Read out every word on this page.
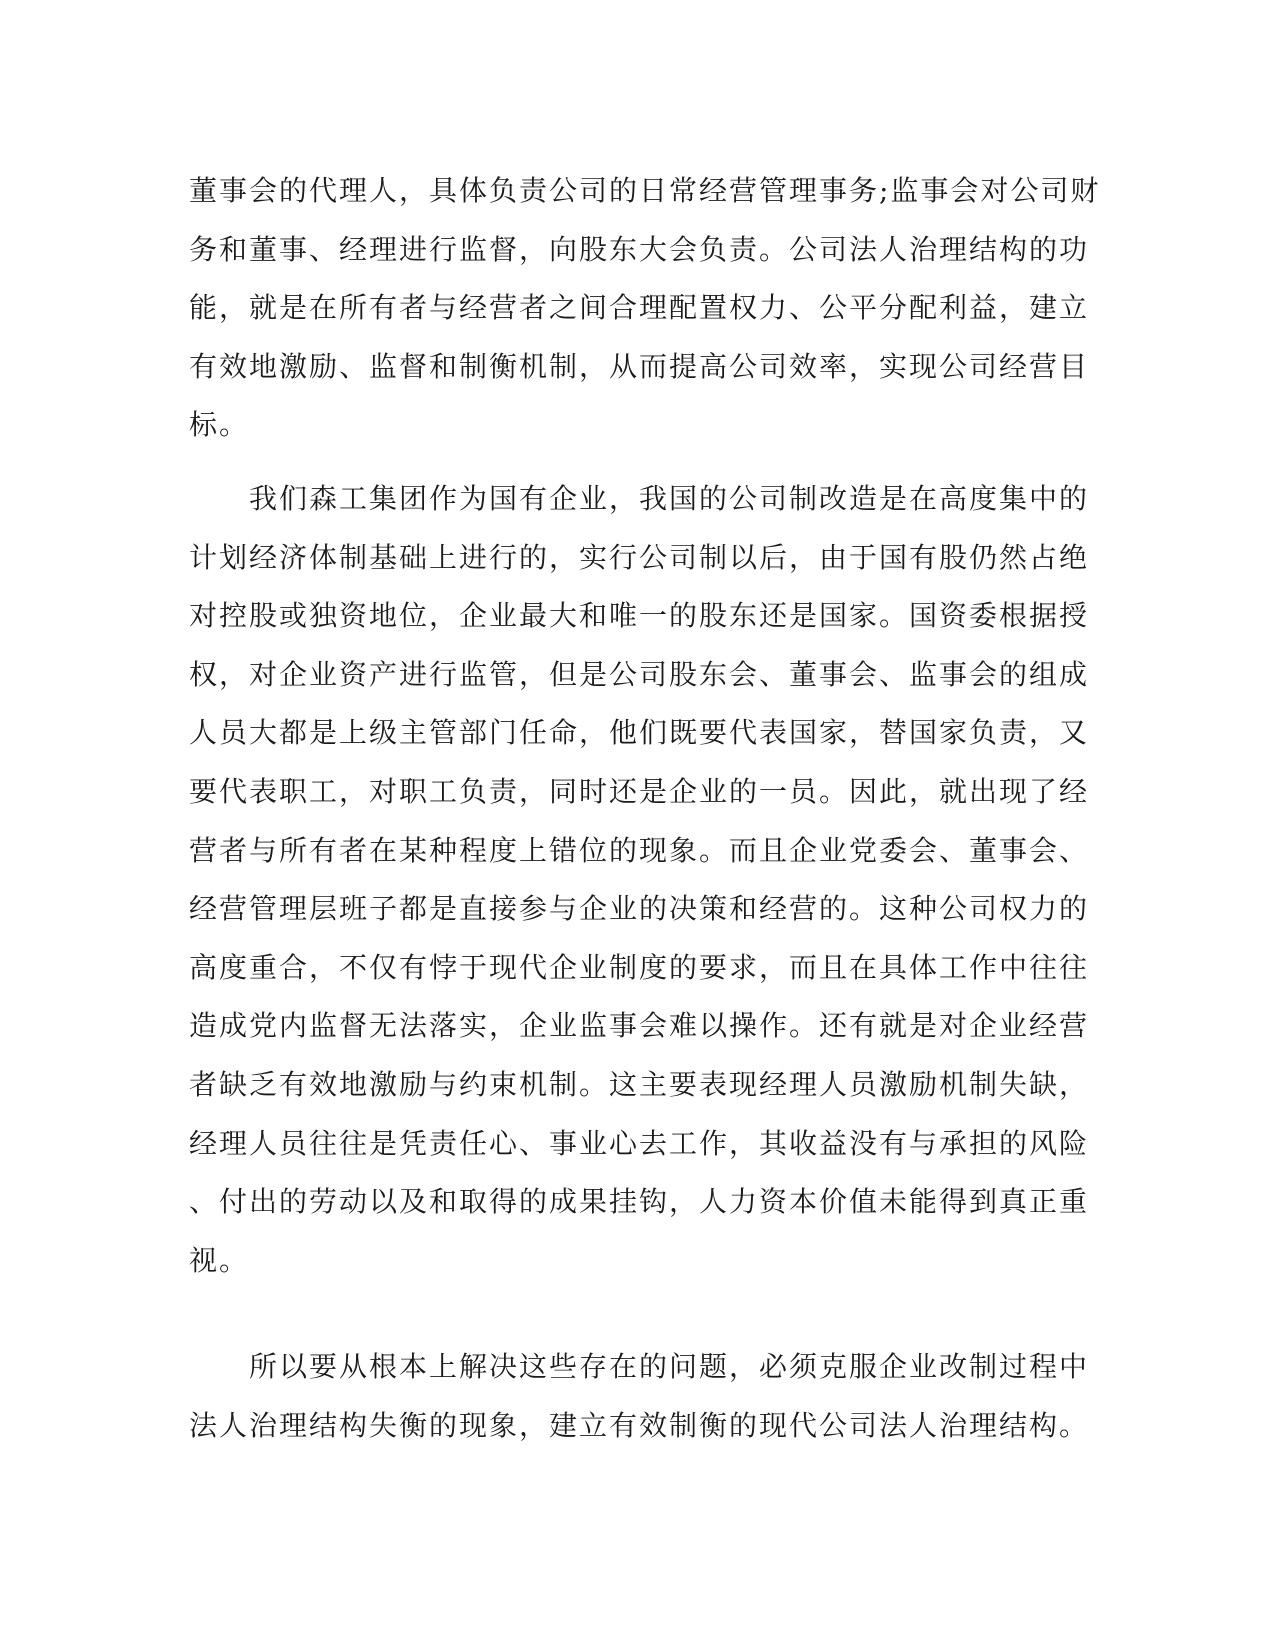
董事会的代理人，具体负责公司的日常经营管理事务;监事会对公司财
务和董事、经理进行监督，向股东大会负责。公司法人治理结构的功
能，就是在所有者与经营者之间合理配置权力、公平分配利益，建立
有效地激励、监督和制衡机制，从而提高公司效率，实现公司经营目
标。
　　我们森工集团作为国有企业，我国的公司制改造是在高度集中的
计划经济体制基础上进行的，实行公司制以后，由于国有股仍然占绝
对控股或独资地位，企业最大和唯一的股东还是国家。国资委根据授
权，对企业资产进行监管，但是公司股东会、董事会、监事会的组成
人员大都是上级主管部门任命，他们既要代表国家，替国家负责，又
要代表职工，对职工负责，同时还是企业的一员。因此，就出现了经
营者与所有者在某种程度上错位的现象。而且企业党委会、董事会、
经营管理层班子都是直接参与企业的决策和经营的。这种公司权力的
高度重合，不仅有悖于现代企业制度的要求，而且在具体工作中往往
造成党内监督无法落实，企业监事会难以操作。还有就是对企业经营
者缺乏有效地激励与约束机制。这主要表现经理人员激励机制失缺，
经理人员往往是凭责任心、事业心去工作，其收益没有与承担的风险
、付出的劳动以及和取得的成果挂钩，人力资本价值未能得到真正重
视。
　　所以要从根本上解决这些存在的问题，必须克服企业改制过程中
法人治理结构失衡的现象，建立有效制衡的现代公司法人治理结构。
